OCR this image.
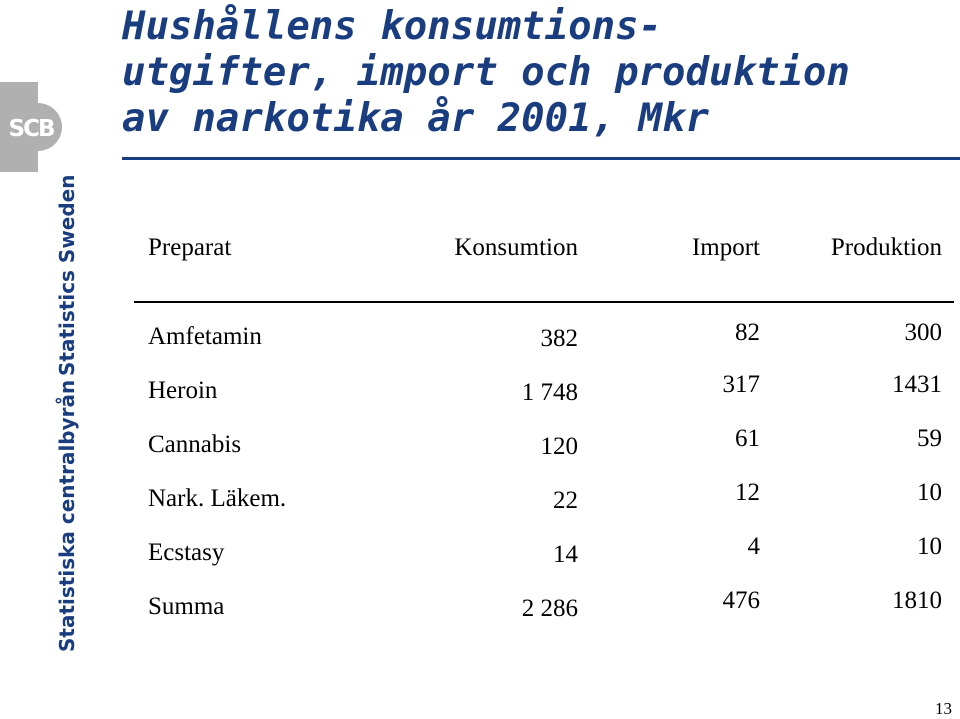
SCB
Statistics Sweden
Statistiska centralbyrån
Hushållens konsumtions-
utgifter, import och produktion
av narkotika år 2001, Mkr
Preparat	Konsumtion	Import	Produktion
Amfetamin	382	82	300
Heroin	1 748	317	1431
Cannabis	120	61	59
Nark. Läkem.	22	12	10
Ecstasy	14	4	10
Summa	2 286	476	1810
13
